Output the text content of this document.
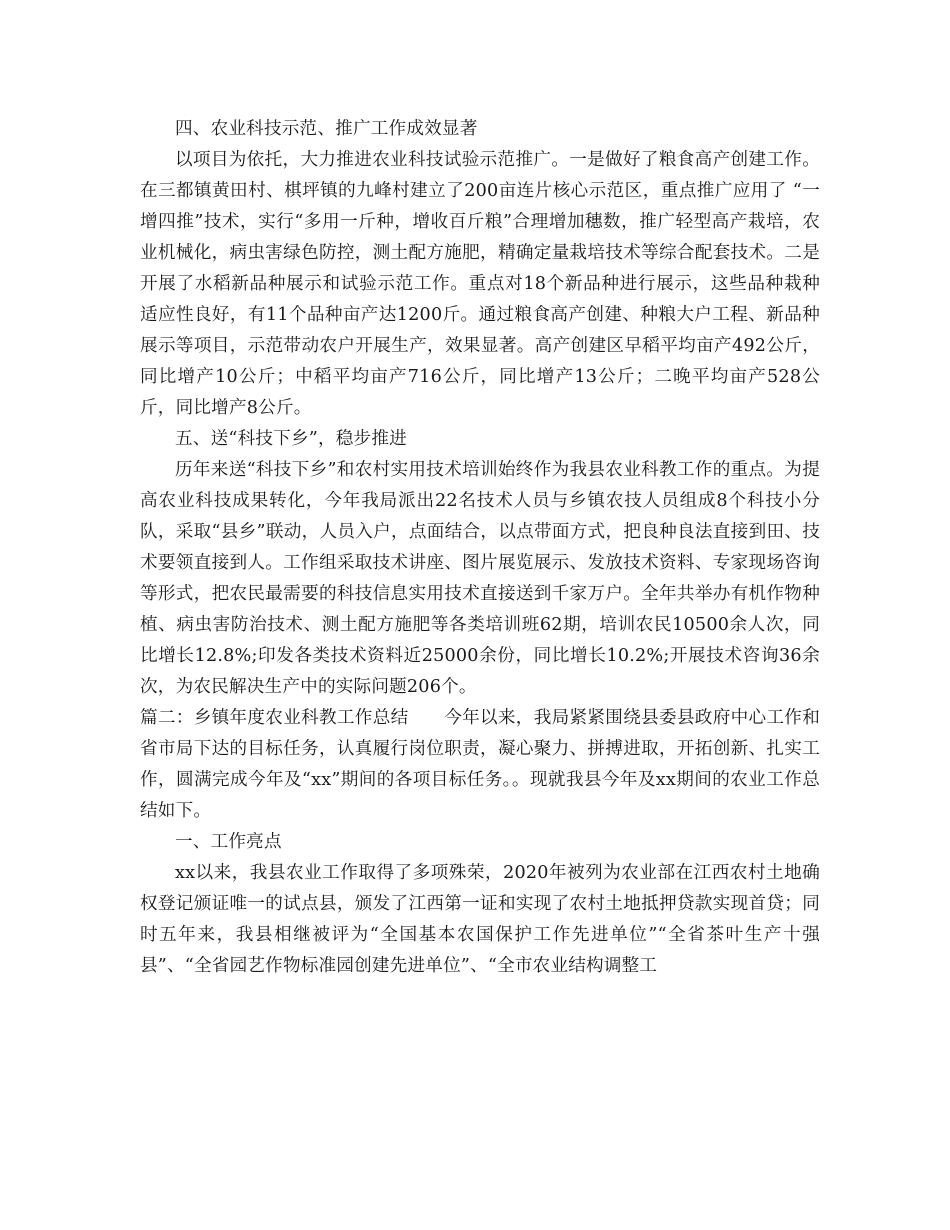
四、农业科技示范、推广工作成效显著

以项目为依托，大力推进农业科技试验示范推广。一是做好了粮食高产创建工作。在三都镇黄田村、棋坪镇的九峰村建立了200亩连片核心示范区，重点推广应用了 “一增四推”技术，实行“多用一斤种，增收百斤粮”合理增加穗数，推广轻型高产栽培，农业机械化，病虫害绿色防控，测土配方施肥，精确定量栽培技术等综合配套技术。二是开展了水稻新品种展示和试验示范工作。重点对18个新品种进行展示，这些品种栽种适应性良好，有11个品种亩产达1200斤。通过粮食高产创建、种粮大户工程、新品种展示等项目，示范带动农户开展生产，效果显著。高产创建区早稻平均亩产492公斤，同比增产10公斤；中稻平均亩产716公斤，同比增产13公斤；二晚平均亩产528公斤，同比增产8公斤。

五、送“科技下乡”，稳步推进

历年来送“科技下乡”和农村实用技术培训始终作为我县农业科教工作的重点。为提高农业科技成果转化，今年我局派出22名技术人员与乡镇农技人员组成8个科技小分队，采取“县乡”联动，人员入户，点面结合，以点带面方式，把良种良法直接到田、技术要领直接到人。工作组采取技术讲座、图片展览展示、发放技术资料、专家现场咨询等形式，把农民最需要的科技信息实用技术直接送到千家万户。全年共举办有机作物种植、病虫害防治技术、测土配方施肥等各类培训班62期，培训农民10500余人次，同比增长12.8%;印发各类技术资料近25000余份，同比增长10.2%;开展技术咨询36余次，为农民解决生产中的实际问题206个。

篇二：乡镇年度农业科教工作总结   今年以来，我局紧紧围绕县委县政府中心工作和省市局下达的目标任务，认真履行岗位职责，凝心聚力、拼搏进取，开拓创新、扎实工作，圆满完成今年及“xx”期间的各项目标任务。。现就我县今年及xx期间的农业工作总结如下。

一、工作亮点

xx以来，我县农业工作取得了多项殊荣，2020年被列为农业部在江西农村土地确权登记颁证唯一的试点县，颁发了江西第一证和实现了农村土地抵押贷款实现首贷；同时五年来，我县相继被评为“全国基本农国保护工作先进单位”“全省茶叶生产十强县”、“全省园艺作物标准园创建先进单位”、“全市农业结构调整工
